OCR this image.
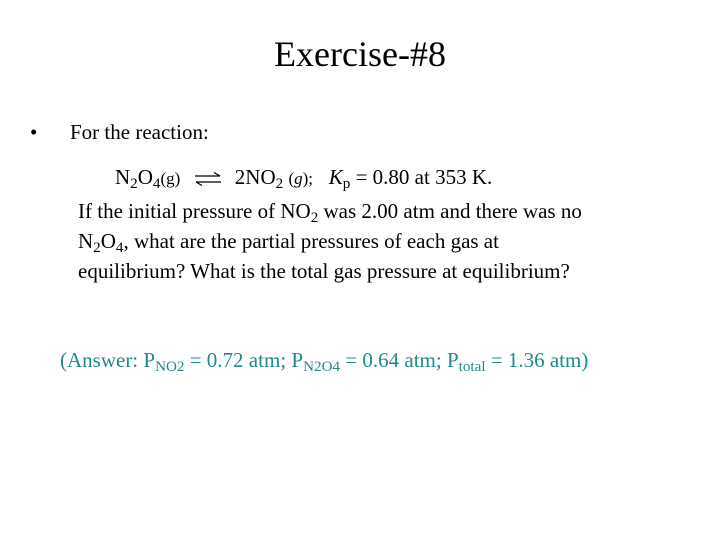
Exercise-#8
• For the reaction:
$N_2O_4(g)$ ⇌ $2NO_2$ (g); $K_p = 0.80$ at 353 K.
If the initial pressure of $NO_2$ was 2.00 atm and there was no
$N_2O_4$, what are the partial pressures of each gas at
equilibrium? What is the total gas pressure at equilibrium?
(Answer: $P_{NO2} = 0.72$ atm; $P_{N2O4} = 0.64$ atm; $P_{total} = 1.36$ atm)
